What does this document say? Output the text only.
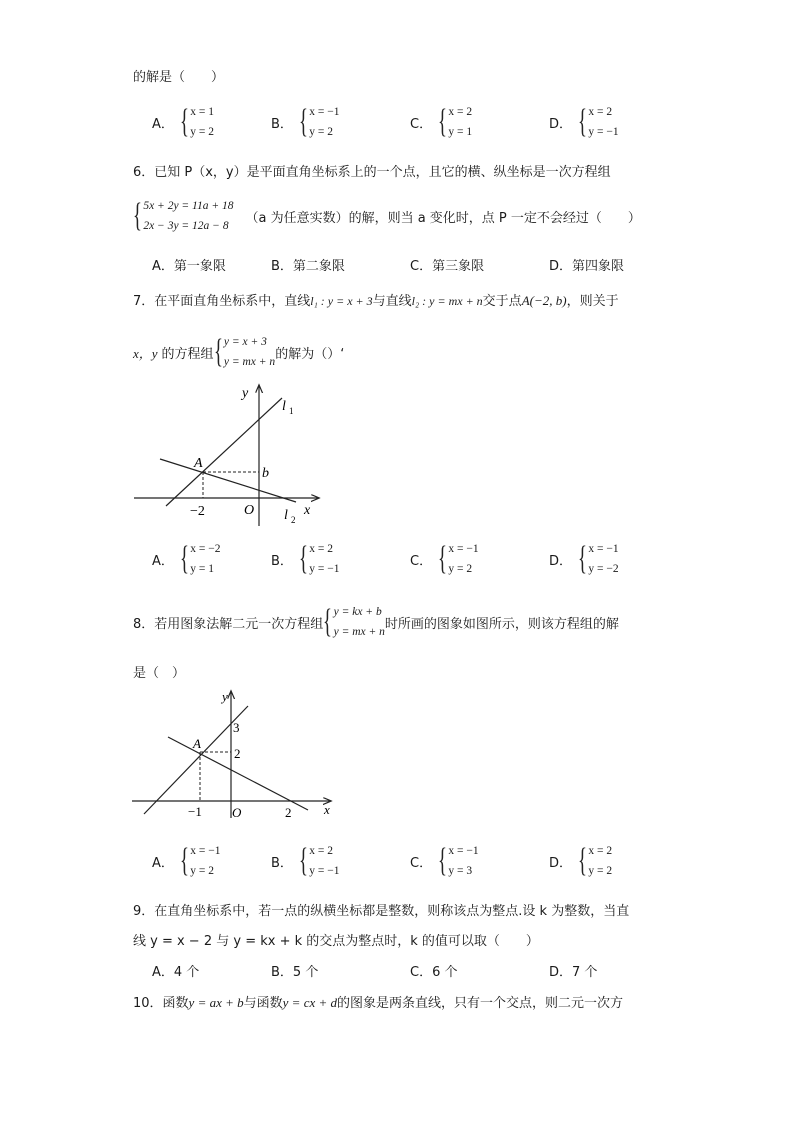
的解是（　　）
A． { x = 1
y = 2
B． { x = −1
y = 2
C． { x = 2
y = 1
D． { x = 2
y = −1
6．已知 P（x，y）是平面直角坐标系上的一个点，且它的横、纵坐标是一次方程组
{ 5x + 2y = 11a + 18
2x − 3y = 12a − 8
（a 为任意实数）的解，则当 a 变化时，点 P 一定不会经过（　　）
A．第一象限	B．第二象限	C．第三象限	D．第四象限
7．在平面直角坐标系中，直线 l₁ : y = x + 3 与直线 l₂ : y = mx + n 交于点 A(−2, b) ，则关于
x，y 的方程组 { y = x + 3
y = mx + n
的解为（）‘
y
x
l 1
l 2
A
b
−2	O
A． { x = −2
y = 1
B． { x = 2
y = −1
C． { x = −1
y = 2
D． { x = −1
y = −2
8．若用图象法解二元一次方程组 { y = kx + b
y = mx + n
时所画的图象如图所示，则该方程组的解
是（　）
y
x
3
2
A
−1 O	2
A． { x = −1
y = 2
B． { x = 2
y = −1
C． { x = −1
y = 3
D． { x = 2
y = 2
9．在直角坐标系中，若一点的纵横坐标都是整数，则称该点为整点.设 k 为整数，当直
线 y = x − 2 与 y = kx + k 的交点为整点时，k 的值可以取（　　）
A．4 个	B．5 个	C．6 个	D．7 个
10．函数 y = ax + b 与函数 y = cx + d 的图象是两条直线，只有一个交点，则二元一次方
